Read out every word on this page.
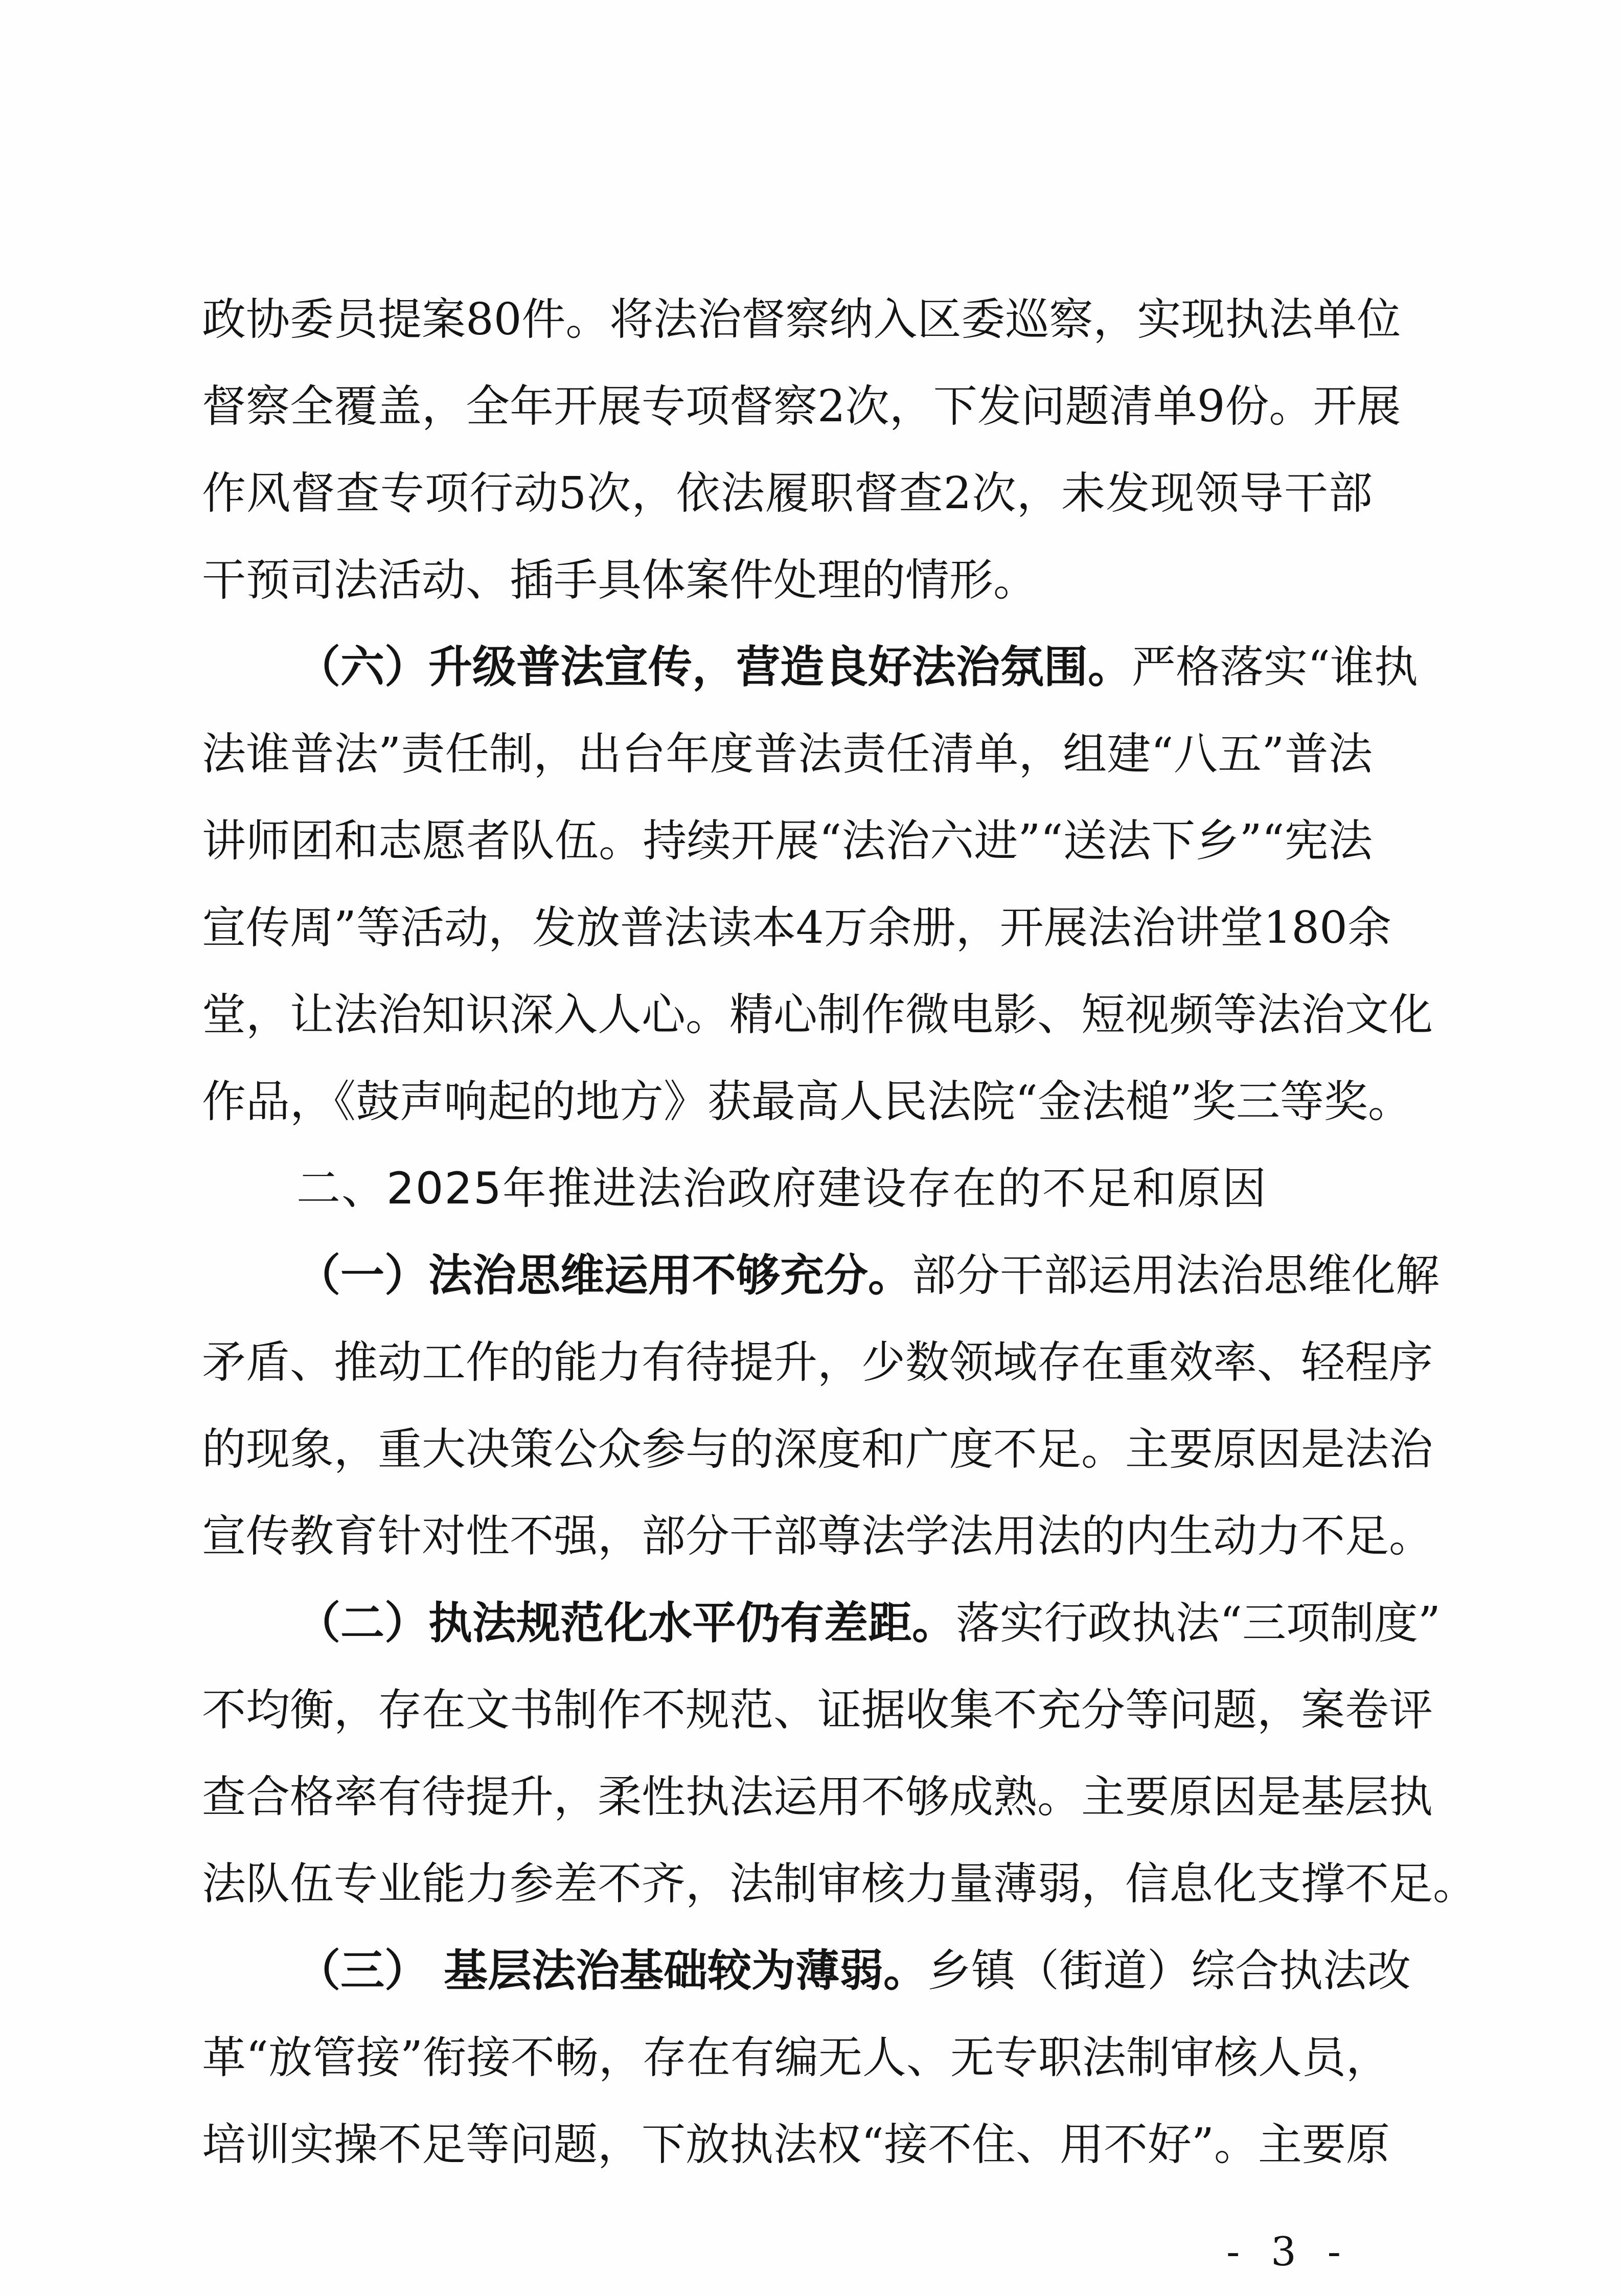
政协委员提案80件。将法治督察纳入区委巡察，实现执法单位
督察全覆盖，全年开展专项督察2次，下发问题清单9份。开展
作风督查专项行动5次，依法履职督查2次，未发现领导干部
干预司法活动、插手具体案件处理的情形。
（六）升级普法宣传，营造良好法治氛围。严格落实“谁执
法谁普法”责任制，出台年度普法责任清单，组建“八五”普法
讲师团和志愿者队伍。持续开展“法治六进”“送法下乡”“宪法
宣传周”等活动，发放普法读本4万余册，开展法治讲堂180余
堂，让法治知识深入人心。精心制作微电影、短视频等法治文化
作品，《鼓声响起的地方》获最高人民法院“金法槌”奖三等奖。
二、2025年推进法治政府建设存在的不足和原因
（一）法治思维运用不够充分。部分干部运用法治思维化解
矛盾、推动工作的能力有待提升，少数领域存在重效率、轻程序
的现象，重大决策公众参与的深度和广度不足。主要原因是法治
宣传教育针对性不强，部分干部尊法学法用法的内生动力不足。
（二）执法规范化水平仍有差距。落实行政执法“三项制度”
不均衡，存在文书制作不规范、证据收集不充分等问题，案卷评
查合格率有待提升，柔性执法运用不够成熟。主要原因是基层执
法队伍专业能力参差不齐，法制审核力量薄弱，信息化支撑不足。
（三） 基层法治基础较为薄弱。乡镇（街道）综合执法改
革“放管接”衔接不畅，存在有编无人、无专职法制审核人员，
培训实操不足等问题，下放执法权“接不住、用不好”。主要原
- 3 -
